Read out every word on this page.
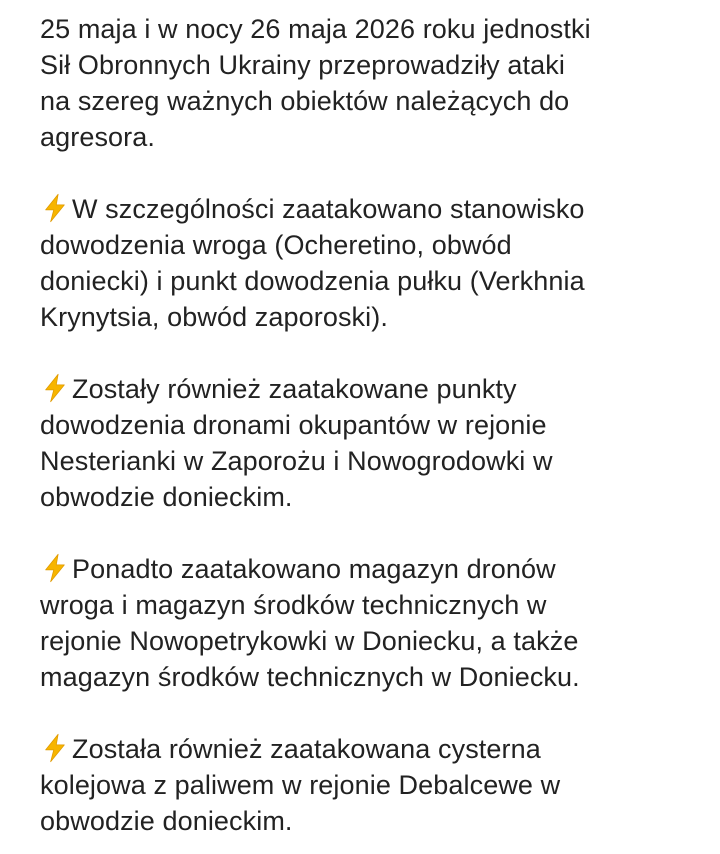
25 maja i w nocy 26 maja 2026 roku jednostki
Sił Obronnych Ukrainy przeprowadziły ataki
na szereg ważnych obiektów należących do
agresora.

W szczególności zaatakowano stanowisko
dowodzenia wroga (Ocheretino, obwód
doniecki) i punkt dowodzenia pułku (Verkhnia
Krynytsia, obwód zaporoski).

Zostały również zaatakowane punkty
dowodzenia dronami okupantów w rejonie
Nesterianki w Zaporożu i Nowogrodowki w
obwodzie donieckim.

Ponadto zaatakowano magazyn dronów
wroga i magazyn środków technicznych w
rejonie Nowopetrykowki w Doniecku, a także
magazyn środków technicznych w Doniecku.

Została również zaatakowana cysterna
kolejowa z paliwem w rejonie Debalcewe w
obwodzie donieckim.
